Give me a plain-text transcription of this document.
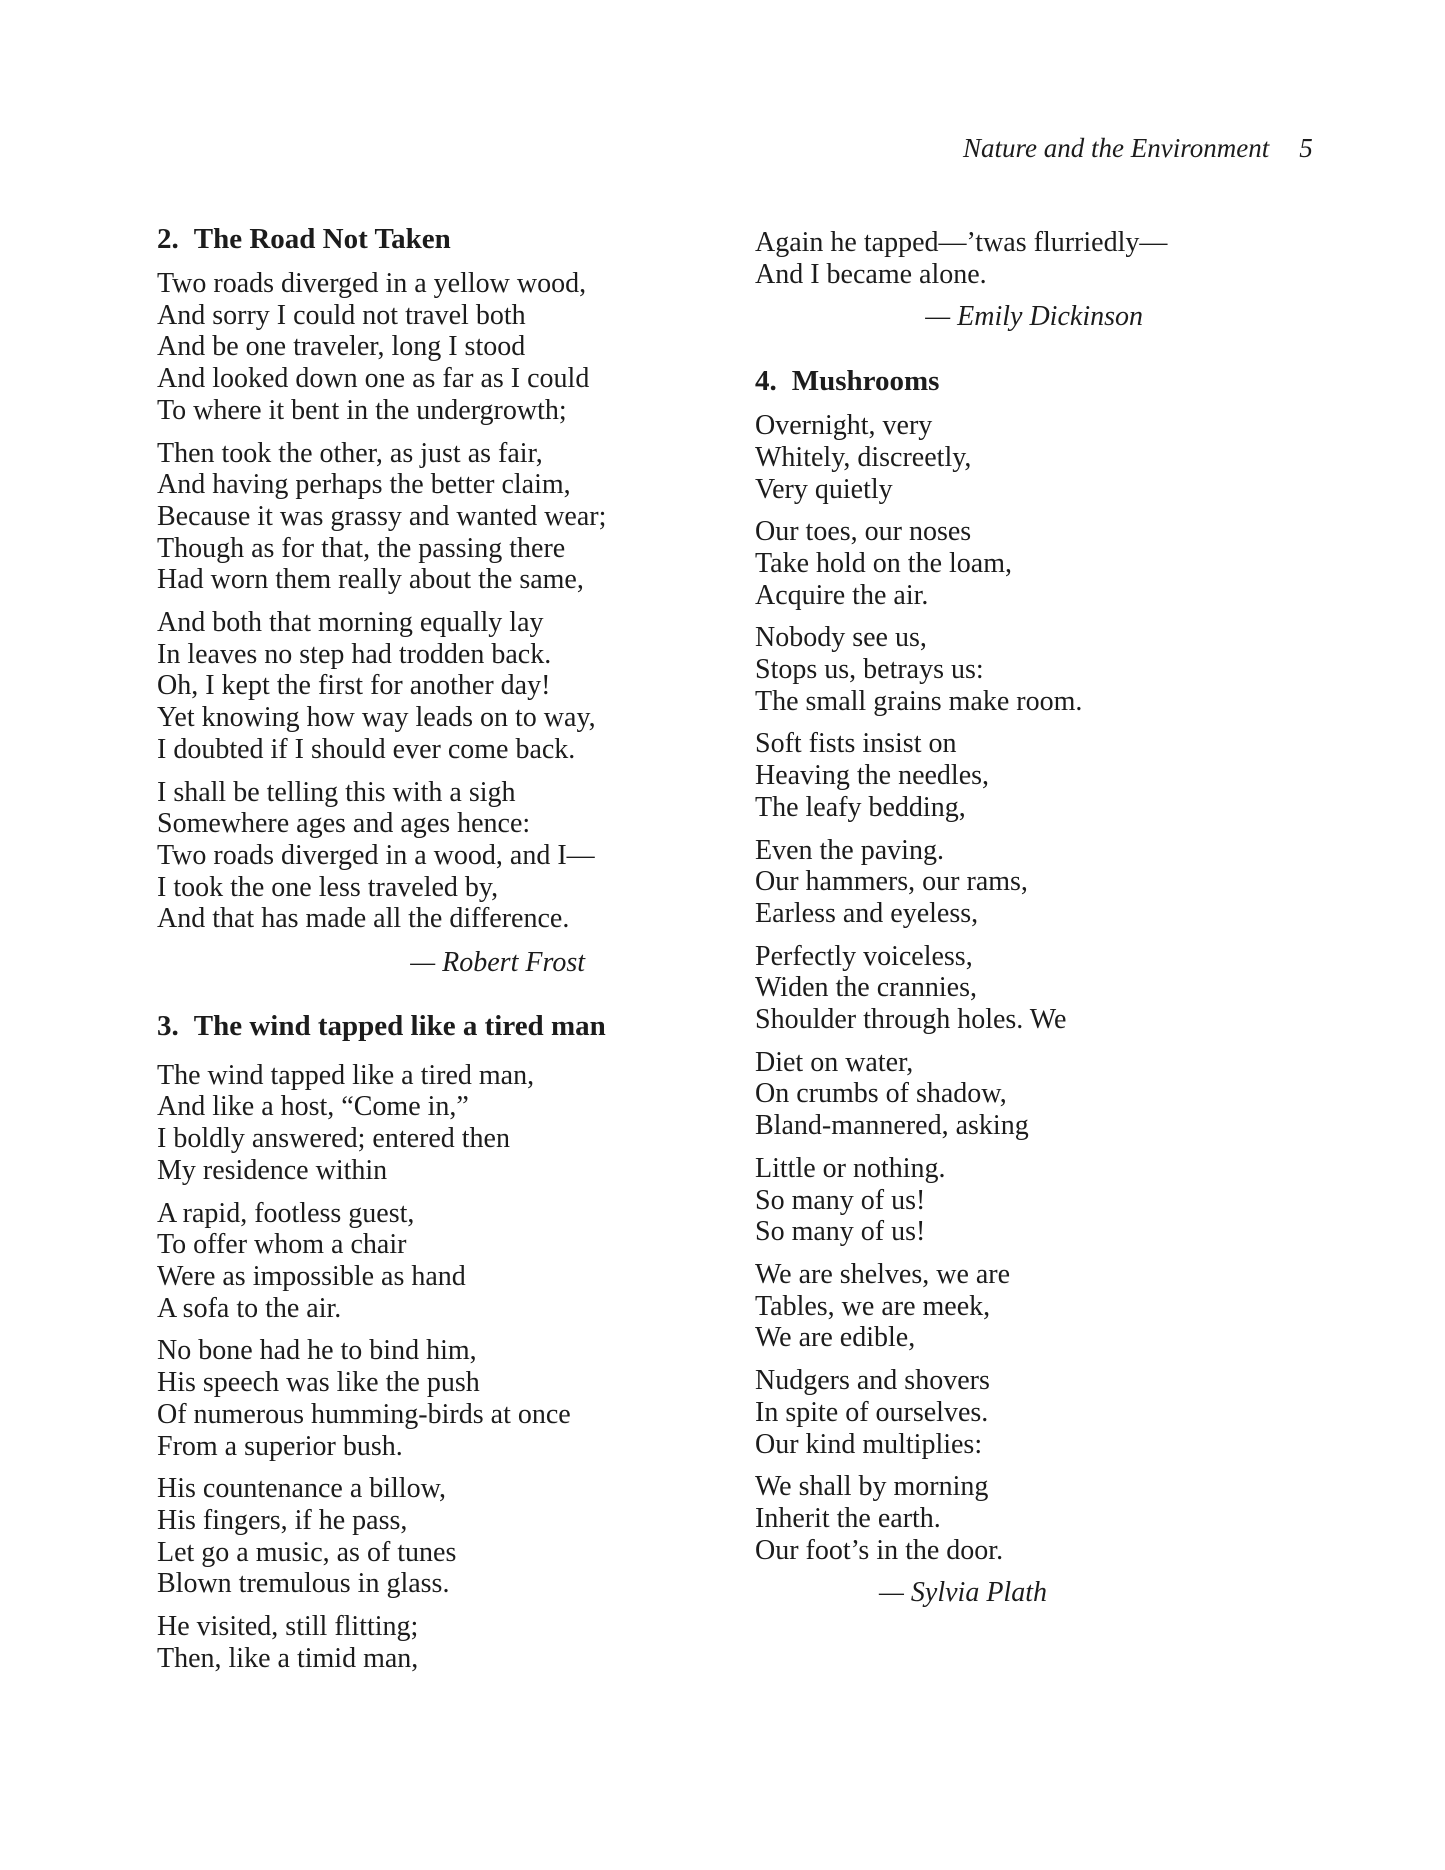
Nature and the Environment 5
2. The Road Not Taken
Two roads diverged in a yellow wood,
And sorry I could not travel both
And be one traveler, long I stood
And looked down one as far as I could
To where it bent in the undergrowth;
Then took the other, as just as fair,
And having perhaps the better claim,
Because it was grassy and wanted wear;
Though as for that, the passing there
Had worn them really about the same,
And both that morning equally lay
In leaves no step had trodden back.
Oh, I kept the first for another day!
Yet knowing how way leads on to way,
I doubted if I should ever come back.
I shall be telling this with a sigh
Somewhere ages and ages hence:
Two roads diverged in a wood, and I—
I took the one less traveled by,
And that has made all the difference.
— Robert Frost
3. The wind tapped like a tired man
The wind tapped like a tired man,
And like a host, “Come in,”
I boldly answered; entered then
My residence within
A rapid, footless guest,
To offer whom a chair
Were as impossible as hand
A sofa to the air.
No bone had he to bind him,
His speech was like the push
Of numerous humming-birds at once
From a superior bush.
His countenance a billow,
His fingers, if he pass,
Let go a music, as of tunes
Blown tremulous in glass.
He visited, still flitting;
Then, like a timid man,
Again he tapped—’twas flurriedly—
And I became alone.
— Emily Dickinson
4. Mushrooms
Overnight, very
Whitely, discreetly,
Very quietly
Our toes, our noses
Take hold on the loam,
Acquire the air.
Nobody see us,
Stops us, betrays us:
The small grains make room.
Soft fists insist on
Heaving the needles,
The leafy bedding,
Even the paving.
Our hammers, our rams,
Earless and eyeless,
Perfectly voiceless,
Widen the crannies,
Shoulder through holes. We
Diet on water,
On crumbs of shadow,
Bland-mannered, asking
Little or nothing.
So many of us!
So many of us!
We are shelves, we are
Tables, we are meek,
We are edible,
Nudgers and shovers
In spite of ourselves.
Our kind multiplies:
We shall by morning
Inherit the earth.
Our foot’s in the door.
— Sylvia Plath
